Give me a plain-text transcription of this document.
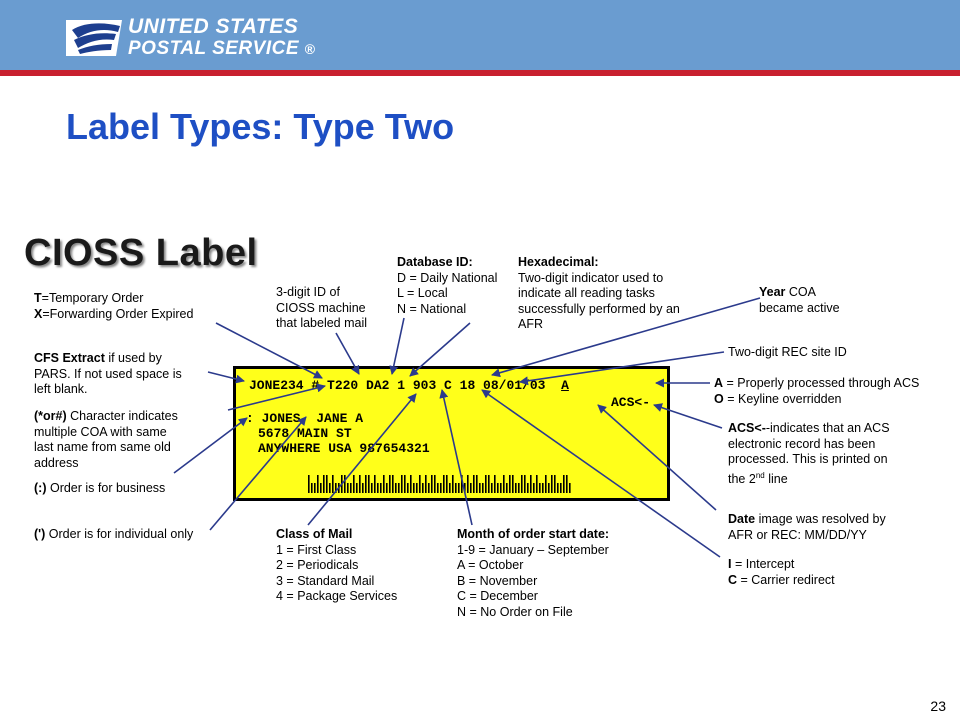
UNITED STATES
POSTAL SERVICE ®
Label Types: Type Two
CIOSS Label
JONE234 # T220 DA2 1 903 C 18 08/01/03 A
ACS<-
: JONES, JANE A
5678 MAIN ST
ANYWHERE USA 987654321
T=Temporary Order
X=Forwarding Order Expired
CFS Extract if used by
PARS. If not used space is
left blank.
(*or#) Character indicates
multiple COA with same
last name from same old
address
(:) Order is for business
(') Order is for individual only
3-digit ID of
CIOSS machine
that labeled mail
Database ID:
D = Daily National
L = Local
N = National
Hexadecimal:
Two-digit indicator used to
indicate all reading tasks
successfully performed by an
AFR
Year COA
became active
Two-digit REC site ID
A = Properly processed through ACS
O = Keyline overridden
ACS<--indicates that an ACS
electronic record has been
processed. This is printed on
the 2nd line
Date image was resolved by
AFR or REC: MM/DD/YY
I = Intercept
C = Carrier redirect
Class of Mail
1 = First Class
2 = Periodicals
3 = Standard Mail
4 = Package Services
Month of order start date:
1-9 = January – September
A = October
B = November
C = December
N = No Order on File
23
